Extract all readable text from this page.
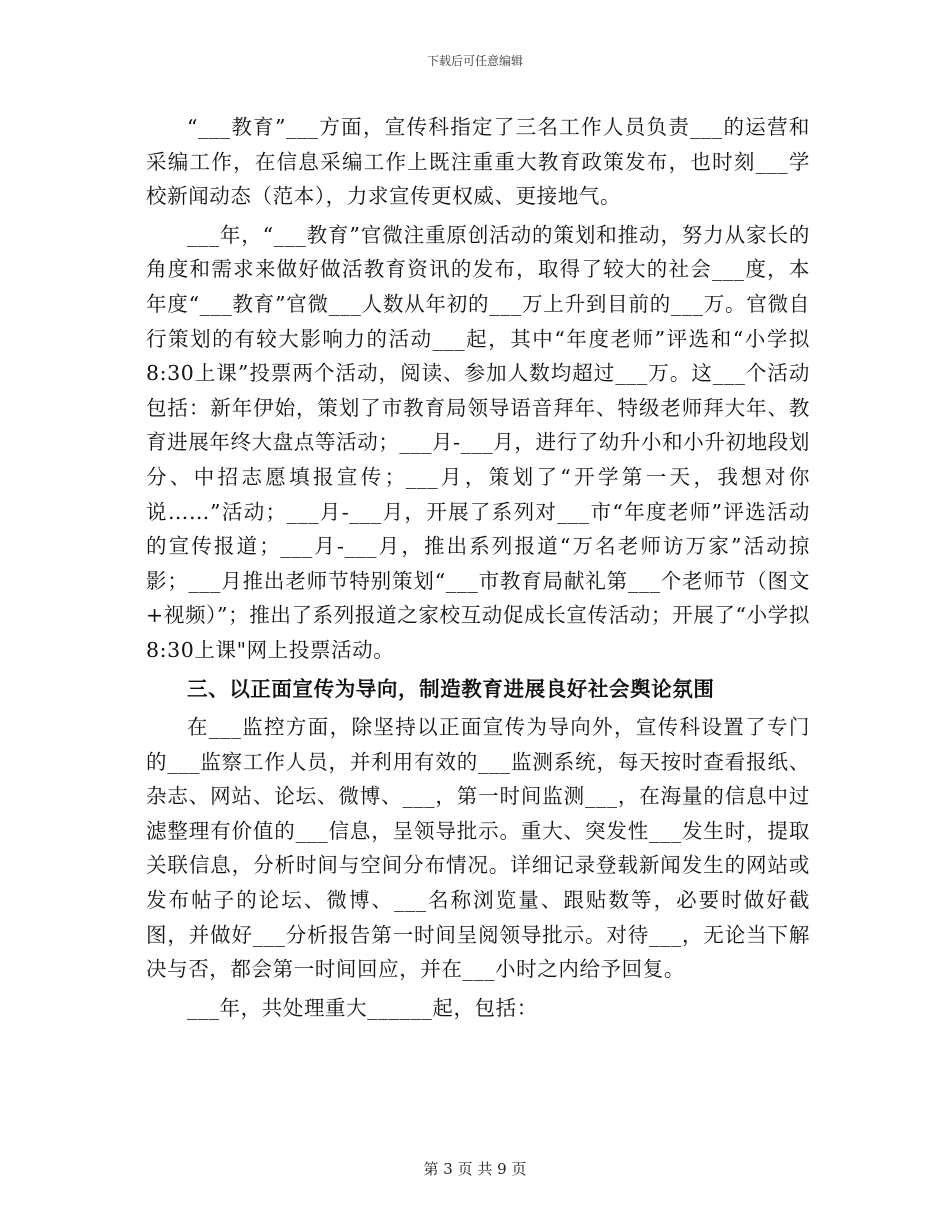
下载后可任意编辑

“___教育”___方面，宣传科指定了三名工作人员负责___的运营和采编工作，在信息采编工作上既注重重大教育政策发布，也时刻___学校新闻动态（范本），力求宣传更权威、更接地气。

___年，“___教育”官微注重原创活动的策划和推动，努力从家长的角度和需求来做好做活教育资讯的发布，取得了较大的社会___度，本年度“___教育”官微___人数从年初的___万上升到目前的___万。官微自行策划的有较大影响力的活动___起，其中“年度老师”评选和“小学拟8:30上课”投票两个活动，阅读、参加人数均超过___万。这___个活动包括：新年伊始，策划了市教育局领导语音拜年、特级老师拜大年、教育进展年终大盘点等活动；___月-___月，进行了幼升小和小升初地段划分、中招志愿填报宣传；___月，策划了“开学第一天，我想对你说……”活动；___月-___月，开展了系列对___市“年度老师”评选活动的宣传报道；___月-___月，推出系列报道“万名老师访万家”活动掠影；___月推出老师节特别策划“___市教育局献礼第___个老师节（图文+视频）”；推出了系列报道之家校互动促成长宣传活动；开展了“小学拟8:30上课"网上投票活动。

三、以正面宣传为导向，制造教育进展良好社会舆论氛围

在___监控方面，除坚持以正面宣传为导向外，宣传科设置了专门的___监察工作人员，并利用有效的___监测系统，每天按时查看报纸、杂志、网站、论坛、微博、___，第一时间监测___，在海量的信息中过滤整理有价值的___信息，呈领导批示。重大、突发性___发生时，提取关联信息，分析时间与空间分布情况。详细记录登载新闻发生的网站或发布帖子的论坛、微博、___名称浏览量、跟贴数等，必要时做好截图，并做好___分析报告第一时间呈阅领导批示。对待___，无论当下解决与否，都会第一时间回应，并在___小时之内给予回复。

___年，共处理重大______起，包括：

第 3 页 共 9 页
